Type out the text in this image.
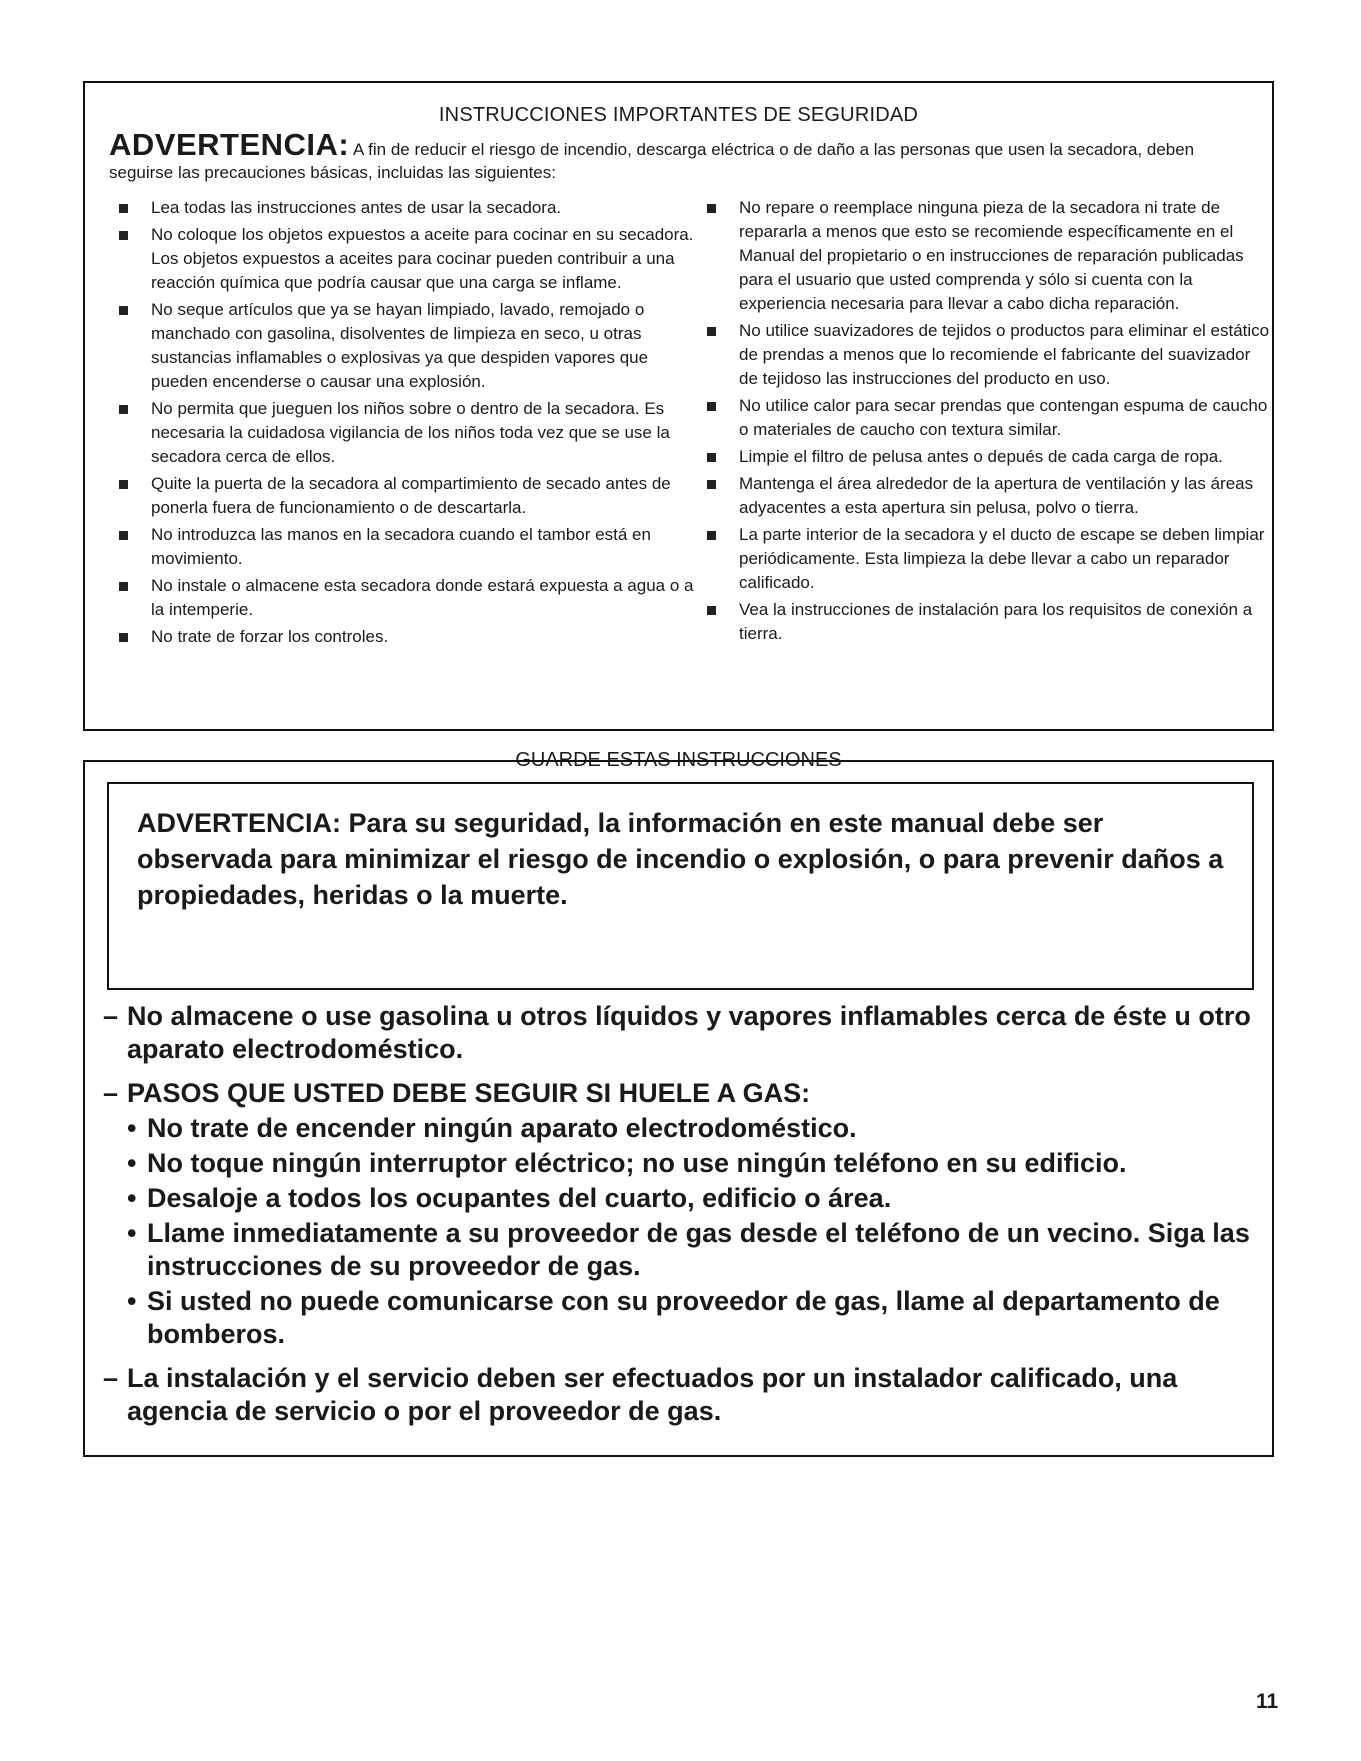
INSTRUCCIONES IMPORTANTES DE SEGURIDAD
ADVERTENCIA: A fin de reducir el riesgo de incendio, descarga eléctrica o de daño a las personas que usen la secadora, deben seguirse las precauciones básicas, incluidas las siguientes:
Lea todas las instrucciones antes de usar la secadora.
No coloque los objetos expuestos a aceite para cocinar en su secadora. Los objetos expuestos a aceites para cocinar pueden contribuir a una reacción química que podría causar que una carga se inflame.
No seque artículos que ya se hayan limpiado, lavado, remojado o manchado con gasolina, disolventes de limpieza en seco, u otras sustancias inflamables o explosivas ya que despiden vapores que pueden encenderse o causar una explosión.
No permita que jueguen los niños sobre o dentro de la secadora. Es necesaria la cuidadosa vigilancia de los niños toda vez que se use la secadora cerca de ellos.
Quite la puerta de la secadora al compartimiento de secado antes de ponerla fuera de funcionamiento o de descartarla.
No introduzca las manos en la secadora cuando el tambor está en movimiento.
No instale o almacene esta secadora donde estará expuesta a agua o a la intemperie.
No trate de forzar los controles.
No repare o reemplace ninguna pieza de la secadora ni trate de repararla a menos que esto se recomiende específicamente en el Manual del propietario o en instrucciones de reparación publicadas para el usuario que usted comprenda y sólo si cuenta con la experiencia necesaria para llevar a cabo dicha reparación.
No utilice suavizadores de tejidos o productos para eliminar el estático de prendas a menos que lo recomiende el fabricante del suavizador de tejidoso las instrucciones del producto en uso.
No utilice calor para secar prendas que contengan espuma de caucho o materiales de caucho con textura similar.
Limpie el filtro de pelusa antes o depués de cada carga de ropa.
Mantenga el área alrededor de la apertura de ventilación y las áreas adyacentes a esta apertura sin pelusa, polvo o tierra.
La parte interior de la secadora y el ducto de escape se deben limpiar periódicamente. Esta limpieza la debe llevar a cabo un reparador calificado.
Vea la instrucciones de instalación para los requisitos de conexión a tierra.
GUARDE ESTAS INSTRUCCIONES
ADVERTENCIA: Para su seguridad, la información en este manual debe ser observada para minimizar el riesgo de incendio o explosión, o para prevenir daños a propiedades, heridas o la muerte.
– No almacene o use gasolina u otros líquidos y vapores inflamables cerca de éste u otro aparato electrodoméstico.
– PASOS QUE USTED DEBE SEGUIR SI HUELE A GAS:
• No trate de encender ningún aparato electrodoméstico.
• No toque ningún interruptor eléctrico; no use ningún teléfono en su edificio.
• Desaloje a todos los ocupantes del cuarto, edificio o área.
• Llame inmediatamente a su proveedor de gas desde el teléfono de un vecino. Siga las instrucciones de su proveedor de gas.
• Si usted no puede comunicarse con su proveedor de gas, llame al departamento de bomberos.
– La instalación y el servicio deben ser efectuados por un instalador calificado, una agencia de servicio o por el proveedor de gas.
11
